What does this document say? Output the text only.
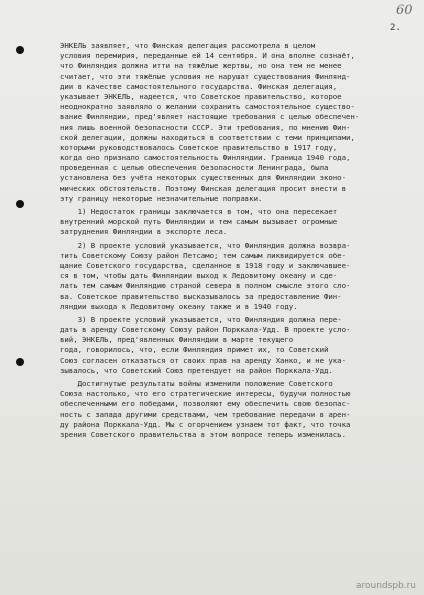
60
2.
ЭНКЕЛЬ заявляет, что Финская делегация рассмотрела в целом
условия перемирия, переданные ей 14 сентября. И она вполне сознаёт,
что Финляндия должна итти на тяжёлые жертвы, но она тем не менее
считает, что эти тяжёлые условия не нарушат существования Финлянд-
дии в качестве самостоятельного государства. Финская делегация,
указывает ЭНКЕЛЬ, надеется, что Советское правительство, которое
неоднократно заявляло о желании сохранить самостоятельное существо-
вание Финляндии, пред'являет настоящие требования с целью обеспечен-
ния лишь военной безопасности СССР. Эти требования, по мнению Фин-
ской делегации, должны находиться в соответствии с теми принципами,
которыми руководствовалось Советское правительство в 1917 году,
когда оно признало самостоятельность Финляндии. Граница 1940 года,
проведенная с целью обеспечения безопасности Ленинграда, была
установлена без учёта некоторых существенных для Финляндии эконо-
мических обстоятельств. Поэтому Финская делегация просит внести в
эту границу некоторые незначительные поправки.
1) Недостаток границы заключается в том, что она пересекает
внутренний морской путь Финляндии и тем самым вызывает огромные
затруднения Финляндии в экспорте леса.
2) В проекте условий указывается, что Финляндия должна возвра-
тить Советскому Союзу район Петсамо; тем самым ликвидируется обе-
щание Советского государства, сделанное в 1918 году и заключавшее-
ся в том, чтобы дать Финляндии выход к Ледовитому океану и сде-
лать тем самым Финляндию страной севера в полном смысле этого сло-
ва. Советское правительство высказывалось за предоставление Фин-
ляндии выхода к Ледовитому океану также и в 1940 году.
3) В проекте условий указывается, что Финляндия должна пере-
дать в аренду Советскому Союзу район Порккала-Удд. В проекте усло-
вий, ЭНКЕЛЬ, пред'явленных Финляндии в марте текущего
года, говорилось, что, если Финляндия примет их, то Советский
Союз согласен отказаться от своих прав на аренду Ханко, и не ука-
зывалось, что Советский Союз претендует на район Порккала-Удд.
Достигнутые результаты войны изменили положение Советского
Союза настолько, что его стратегические интересы, будучи полностью
обеспеченными его победами, позволяют ему обеспечить свою безопас-
ность с запада другими средствами, чем требование передачи в арен-
ду района Порккала-Удд. Мы с огорчением узнаем тот факт, что точка
зрения Советского правительства в этом вопросе теперь изменилась.
aroundspb.ru
